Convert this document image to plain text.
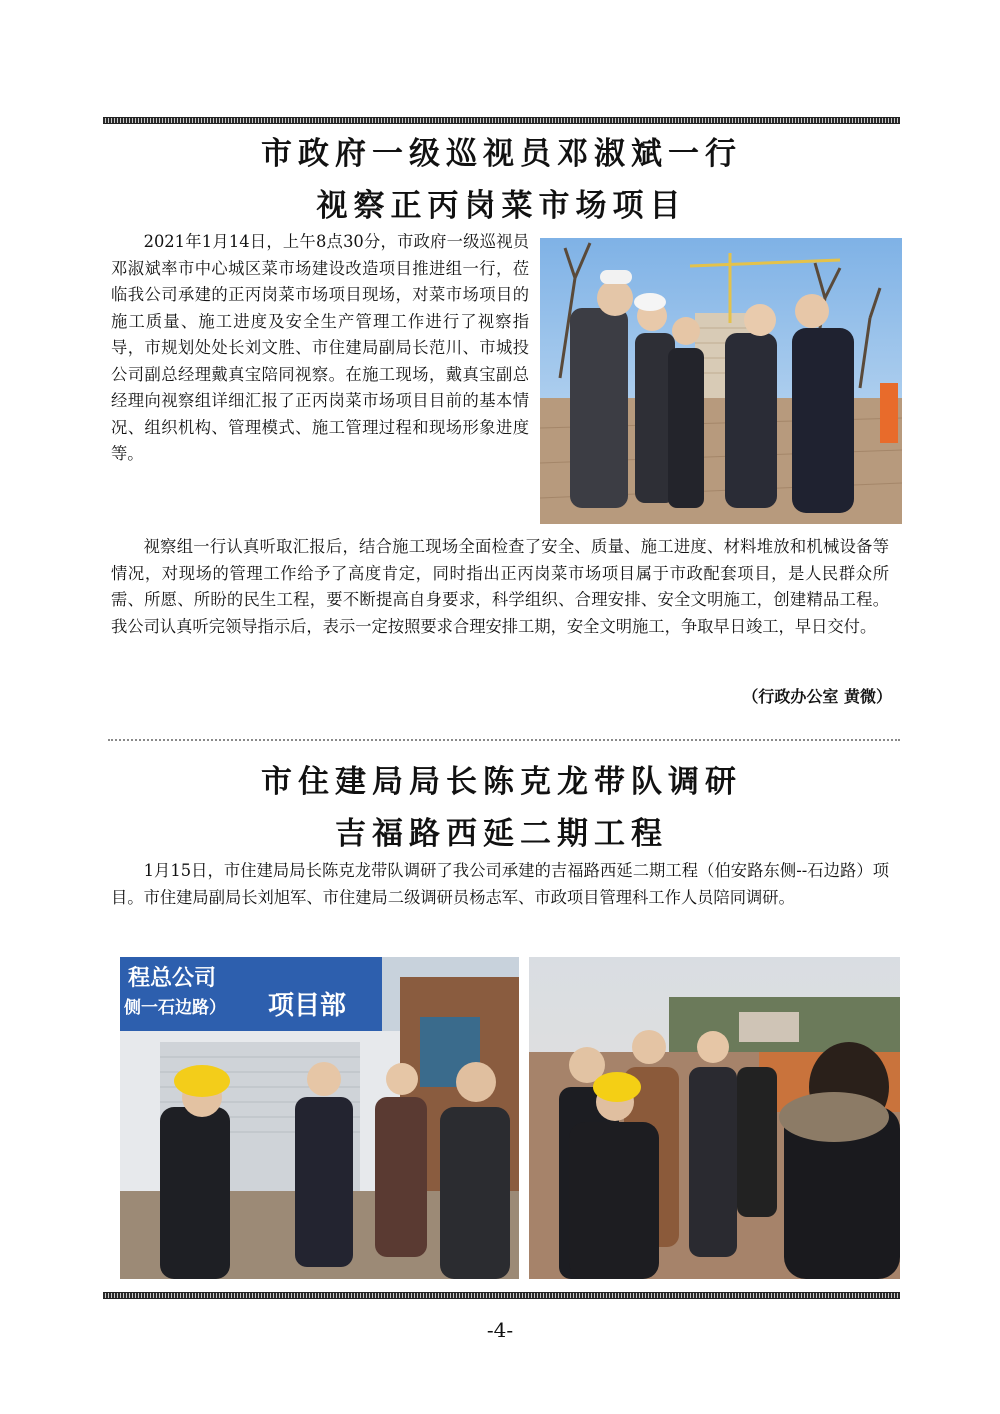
市政府一级巡视员邓淑斌一行
视察正丙岗菜市场项目
2021年1月14日，上午8点30分，市政府一级巡视员邓淑斌率市中心城区菜市场建设改造项目推进组一行，莅临我公司承建的正丙岗菜市场项目现场，对菜市场项目的施工质量、施工进度及安全生产管理工作进行了视察指导，市规划处处长刘文胜、市住建局副局长范川、市城投公司副总经理戴真宝陪同视察。在施工现场，戴真宝副总经理向视察组详细汇报了正丙岗菜市场项目目前的基本情况、组织机构、管理模式、施工管理过程和现场形象进度等。
视察组一行认真听取汇报后，结合施工现场全面检查了安全、质量、施工进度、材料堆放和机械设备等情况，对现场的管理工作给予了高度肯定，同时指出正丙岗菜市场项目属于市政配套项目，是人民群众所需、所愿、所盼的民生工程，要不断提高自身要求，科学组织、合理安排、安全文明施工，创建精品工程。我公司认真听完领导指示后，表示一定按照要求合理安排工期，安全文明施工，争取早日竣工，早日交付。
（行政办公室 黄微）
市住建局局长陈克龙带队调研
吉福路西延二期工程
1月15日，市住建局局长陈克龙带队调研了我公司承建的吉福路西延二期工程（伯安路东侧--石边路）项目。市住建局副局长刘旭军、市住建局二级调研员杨志军、市政项目管理科工作人员陪同调研。
程总公司
侧一石边路） 项目部
-4-
